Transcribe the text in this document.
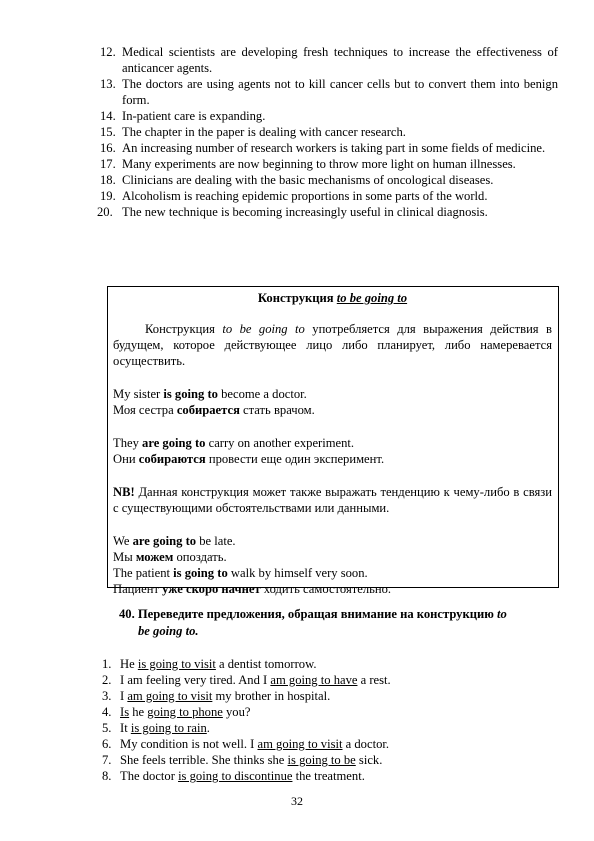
12. Medical scientists are developing fresh techniques to increase the effectiveness of anticancer agents.
13. The doctors are using agents not to kill cancer cells but to convert them into benign form.
14. In-patient care is expanding.
15. The chapter in the paper is dealing with cancer research.
16. An increasing number of research workers is taking part in some fields of medicine.
17. Many experiments are now beginning to throw more light on human illnesses.
18. Clinicians are dealing with the basic mechanisms of oncological diseases.
19. Alcoholism is reaching epidemic proportions in some parts of the world.
20. The new technique is becoming increasingly useful in clinical diagnosis.
Конструкция to be going to

Конструкция to be going to употребляется для выражения действия в будущем, которое действующее лицо либо планирует, либо намеревается осуществить.

My sister is going to become a doctor.

Моя сестра собирается стать врачом.

They are going to carry on another experiment.

Они собираются провести еще один эксперимент.

NB! Данная конструкция может также выражать тенденцию к чему-либо в связи с существующими обстоятельствами или данными.

We are going to be late.

Мы можем опоздать.

The patient is going to walk by himself very soon.

Пациент уже скоро начнет ходить самостоятельно.

40. Переведите предложения, обращая внимание на конструкцию to
be going to.
1. He is going to visit a dentist tomorrow.
2. I am feeling very tired. And I am going to have a rest.
3. I am going to visit my brother in hospital.
4. Is he going to phone you?
5. It is going to rain.
6. My condition is not well. I am going to visit a doctor.
7. She feels terrible. She thinks she is going to be sick.
8. The doctor is going to discontinue the treatment.
32
